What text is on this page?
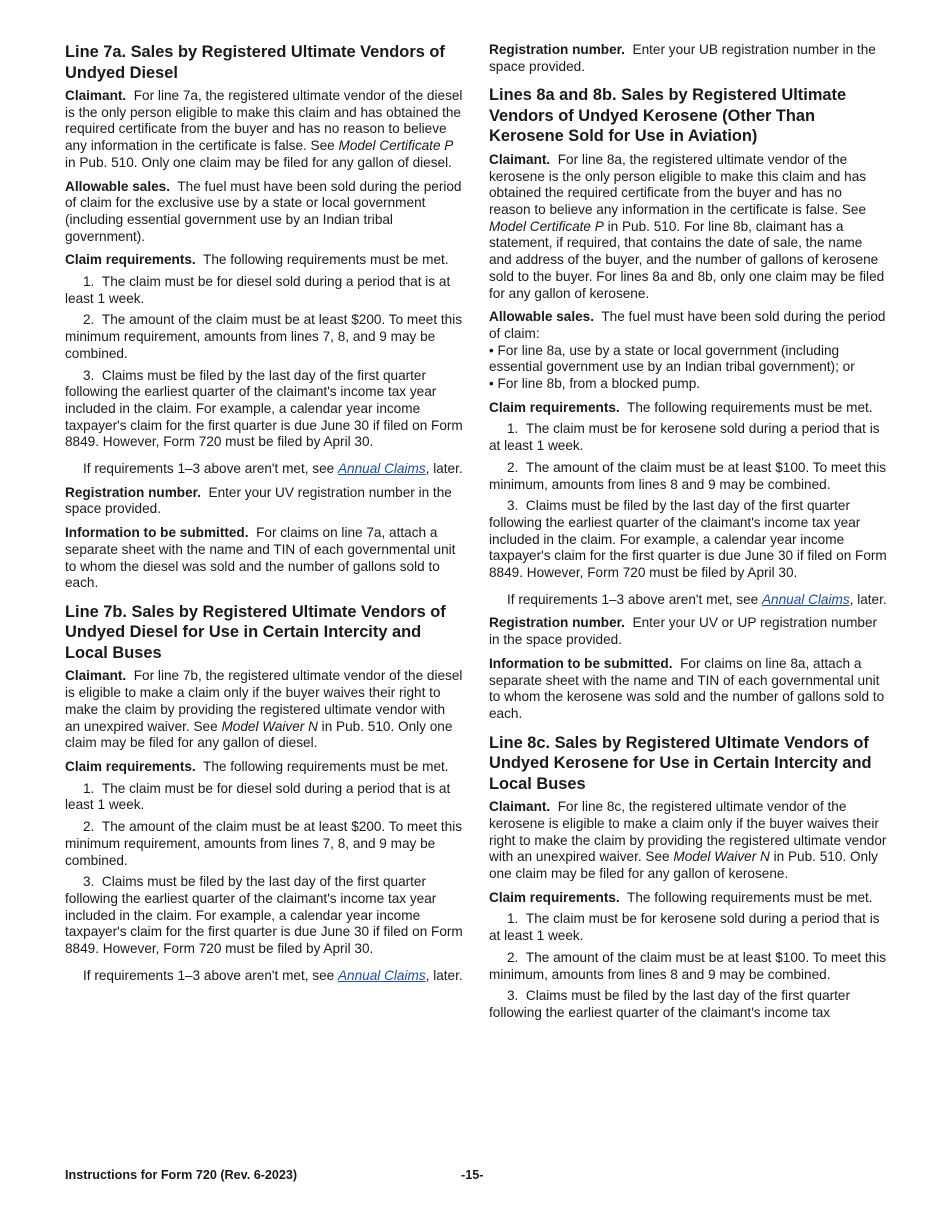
Line 7a. Sales by Registered Ultimate Vendors of Undyed Diesel

Claimant. For line 7a, the registered ultimate vendor of the diesel is the only person eligible to make this claim and has obtained the required certificate from the buyer and has no reason to believe any information in the certificate is false. See Model Certificate P in Pub. 510. Only one claim may be filed for any gallon of diesel.

Allowable sales. The fuel must have been sold during the period of claim for the exclusive use by a state or local government (including essential government use by an Indian tribal government).

Claim requirements. The following requirements must be met.

1.  The claim must be for diesel sold during a period that is at least 1 week.

2.  The amount of the claim must be at least $200. To meet this minimum requirement, amounts from lines 7, 8, and 9 may be combined.

3.  Claims must be filed by the last day of the first quarter following the earliest quarter of the claimant's income tax year included in the claim. For example, a calendar year income taxpayer's claim for the first quarter is due June 30 if filed on Form 8849. However, Form 720 must be filed by April 30.

If requirements 1–3 above aren't met, see Annual Claims, later.

Registration number. Enter your UV registration number in the space provided.

Information to be submitted. For claims on line 7a, attach a separate sheet with the name and TIN of each governmental unit to whom the diesel was sold and the number of gallons sold to each.

Line 7b. Sales by Registered Ultimate Vendors of Undyed Diesel for Use in Certain Intercity and Local Buses

Claimant. For line 7b, the registered ultimate vendor of the diesel is eligible to make a claim only if the buyer waives their right to make the claim by providing the registered ultimate vendor with an unexpired waiver. See Model Waiver N in Pub. 510. Only one claim may be filed for any gallon of diesel.

Claim requirements. The following requirements must be met.

1.  The claim must be for diesel sold during a period that is at least 1 week.

2.  The amount of the claim must be at least $200. To meet this minimum requirement, amounts from lines 7, 8, and 9 may be combined.

3.  Claims must be filed by the last day of the first quarter following the earliest quarter of the claimant's income tax year included in the claim. For example, a calendar year income taxpayer's claim for the first quarter is due June 30 if filed on Form 8849. However, Form 720 must be filed by April 30.

If requirements 1–3 above aren't met, see Annual Claims, later.

Registration number. Enter your UB registration number in the space provided.

Lines 8a and 8b. Sales by Registered Ultimate Vendors of Undyed Kerosene (Other Than Kerosene Sold for Use in Aviation)

Claimant. For line 8a, the registered ultimate vendor of the kerosene is the only person eligible to make this claim and has obtained the required certificate from the buyer and has no reason to believe any information in the certificate is false. See Model Certificate P in Pub. 510. For line 8b, claimant has a statement, if required, that contains the date of sale, the name and address of the buyer, and the number of gallons of kerosene sold to the buyer. For lines 8a and 8b, only one claim may be filed for any gallon of kerosene.

Allowable sales. The fuel must have been sold during the period of claim:

• For line 8a, use by a state or local government (including essential government use by an Indian tribal government); or

• For line 8b, from a blocked pump.

Claim requirements. The following requirements must be met.

1.  The claim must be for kerosene sold during a period that is at least 1 week.

2.  The amount of the claim must be at least $100. To meet this minimum, amounts from lines 8 and 9 may be combined.

3.  Claims must be filed by the last day of the first quarter following the earliest quarter of the claimant's income tax year included in the claim. For example, a calendar year income taxpayer's claim for the first quarter is due June 30 if filed on Form 8849. However, Form 720 must be filed by April 30.

If requirements 1–3 above aren't met, see Annual Claims, later.

Registration number. Enter your UV or UP registration number in the space provided.

Information to be submitted. For claims on line 8a, attach a separate sheet with the name and TIN of each governmental unit to whom the kerosene was sold and the number of gallons sold to each.

Line 8c. Sales by Registered Ultimate Vendors of Undyed Kerosene for Use in Certain Intercity and Local Buses

Claimant. For line 8c, the registered ultimate vendor of the kerosene is eligible to make a claim only if the buyer waives their right to make the claim by providing the registered ultimate vendor with an unexpired waiver. See Model Waiver N in Pub. 510. Only one claim may be filed for any gallon of kerosene.

Claim requirements. The following requirements must be met.

1.  The claim must be for kerosene sold during a period that is at least 1 week.

2.  The amount of the claim must be at least $100. To meet this minimum, amounts from lines 8 and 9 may be combined.

3.  Claims must be filed by the last day of the first quarter following the earliest quarter of the claimant's income tax

Instructions for Form 720 (Rev. 6-2023)	-15-
